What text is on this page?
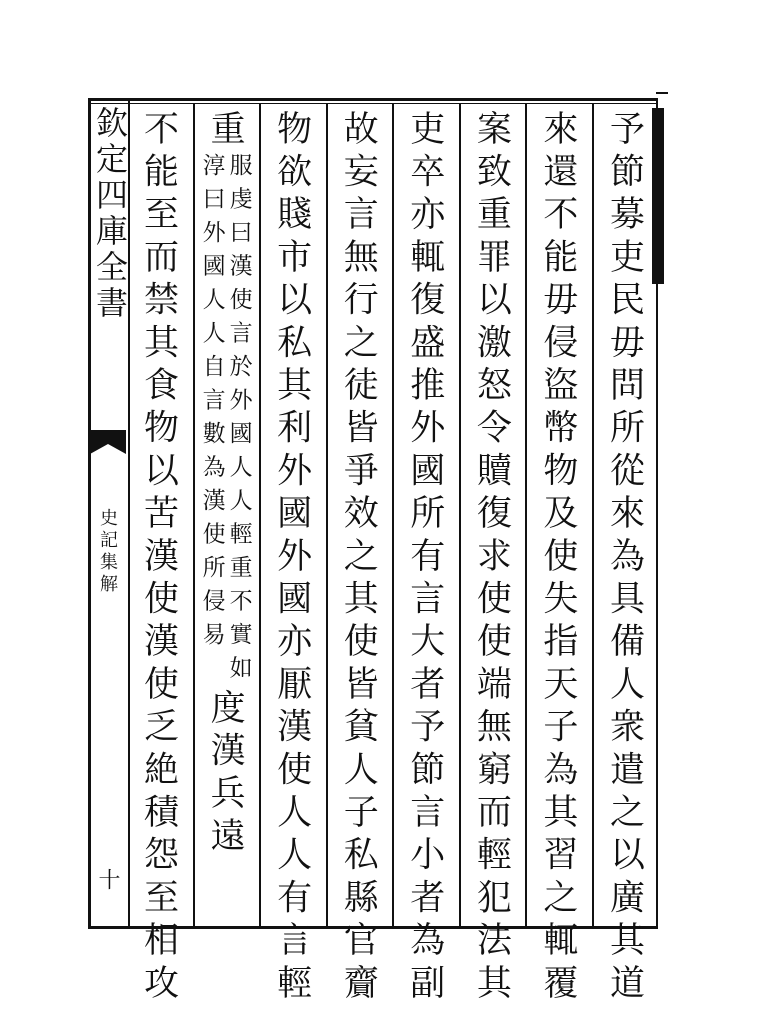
欽定四庫全書
史記集解
十	予節募吏民毋問所從來為具備人衆遣之以廣其道
來還不能毋侵盜幣物及使失指天子為其習之輒覆
案致重罪以激怒令贖復求使使端無窮而輕犯法其
吏卒亦輒復盛推外國所有言大者予節言小者為副
故妄言無行之徒皆爭效之其使皆貧人子私縣官齎
物欲賤市以私其利外國外國亦厭漢使人人有言輕
重
服虔曰漢使言於外國人人輕重不實如
淳曰外國人人自言數為漢使所侵易
度漢兵遠
不能至而禁其食物以苦漢使漢使乏絶積怨至相攻
